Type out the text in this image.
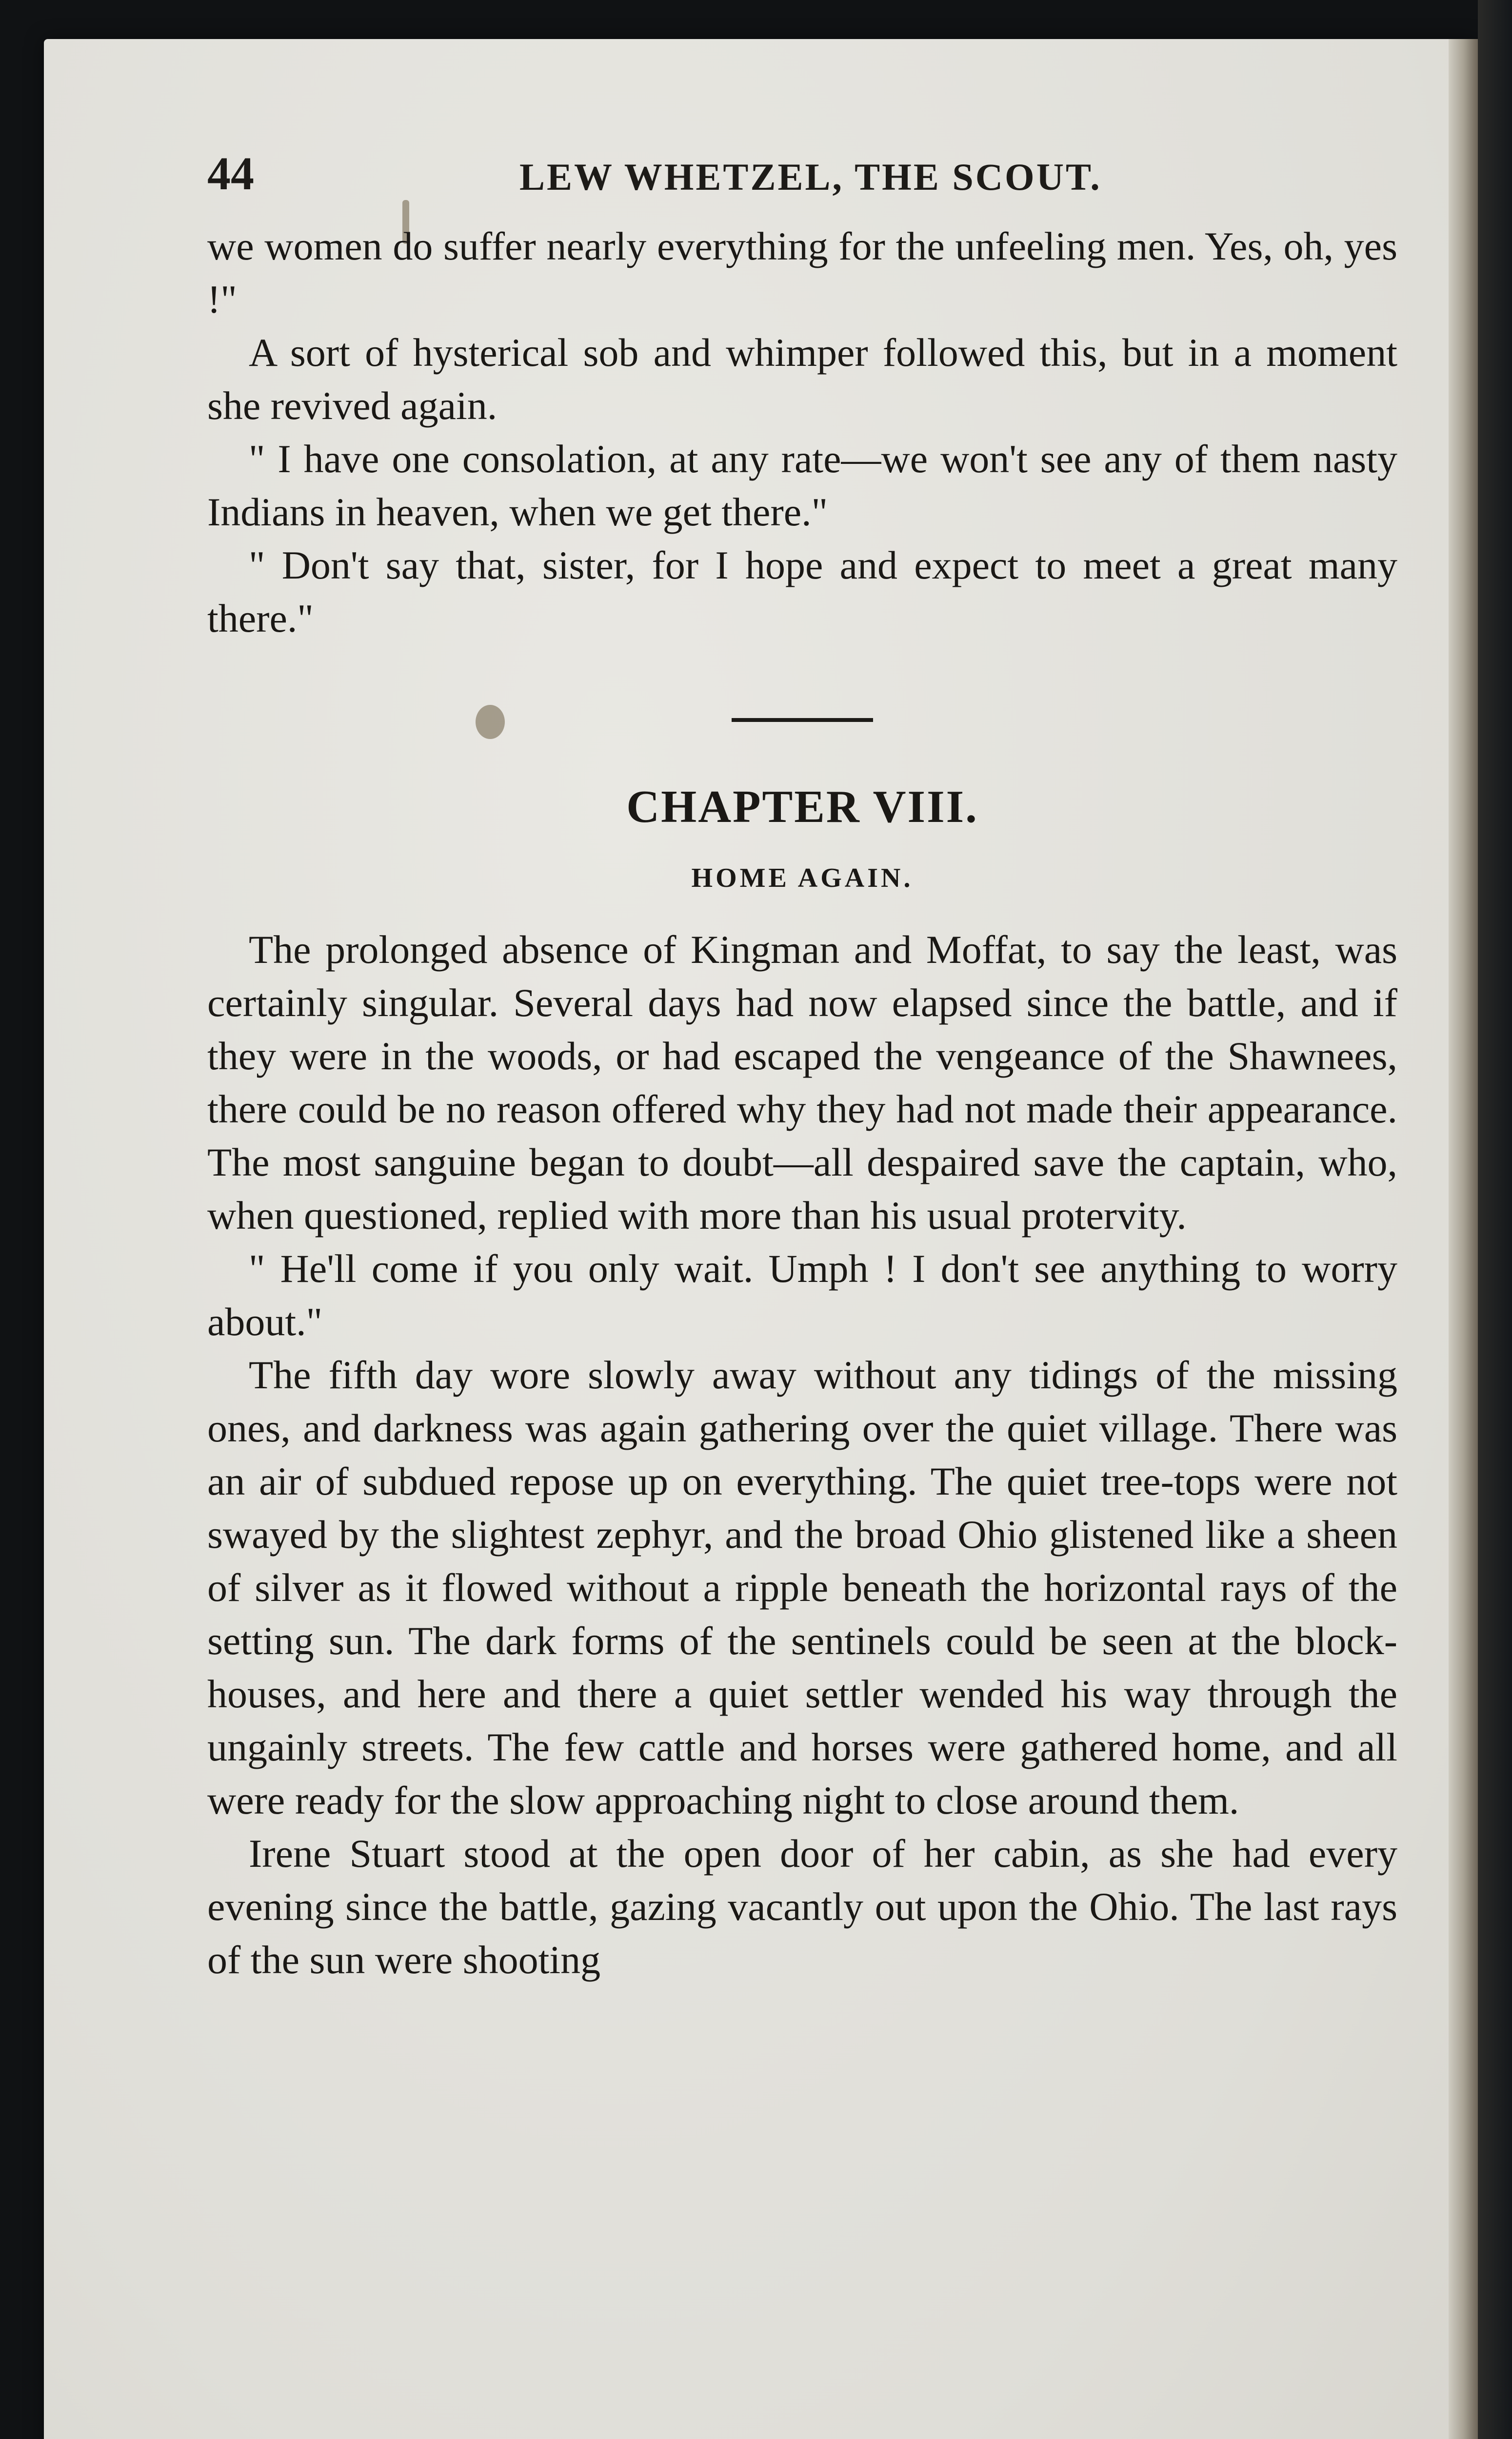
44	LEW WHETZEL, THE SCOUT.

we women do suffer nearly everything for the unfeeling men. Yes, oh, yes !"

A sort of hysterical sob and whimper followed this, but in a moment she revived again.

" I have one consolation, at any rate—we won't see any of them nasty Indians in heaven, when we get there."

" Don't say that, sister, for I hope and expect to meet a great many there."

CHAPTER VIII.
HOME AGAIN.

The prolonged absence of Kingman and Moffat, to say the least, was certainly singular. Several days had now elapsed since the battle, and if they were in the woods, or had escaped the vengeance of the Shawnees, there could be no reason offered why they had not made their appearance. The most sanguine began to doubt—all despaired save the captain, who, when questioned, replied with more than his usual protervity.

" He'll come if you only wait. Umph ! I don't see anything to worry about."

The fifth day wore slowly away without any tidings of the missing ones, and darkness was again gathering over the quiet village. There was an air of subdued repose up on everything. The quiet tree-tops were not swayed by the slightest zephyr, and the broad Ohio glistened like a sheen of silver as it flowed without a ripple beneath the horizontal rays of the setting sun. The dark forms of the sentinels could be seen at the block-houses, and here and there a quiet settler wended his way through the ungainly streets. The few cattle and horses were gathered home, and all were ready for the slow approaching night to close around them.

Irene Stuart stood at the open door of her cabin, as she had every evening since the battle, gazing vacantly out upon the Ohio. The last rays of the sun were shooting
